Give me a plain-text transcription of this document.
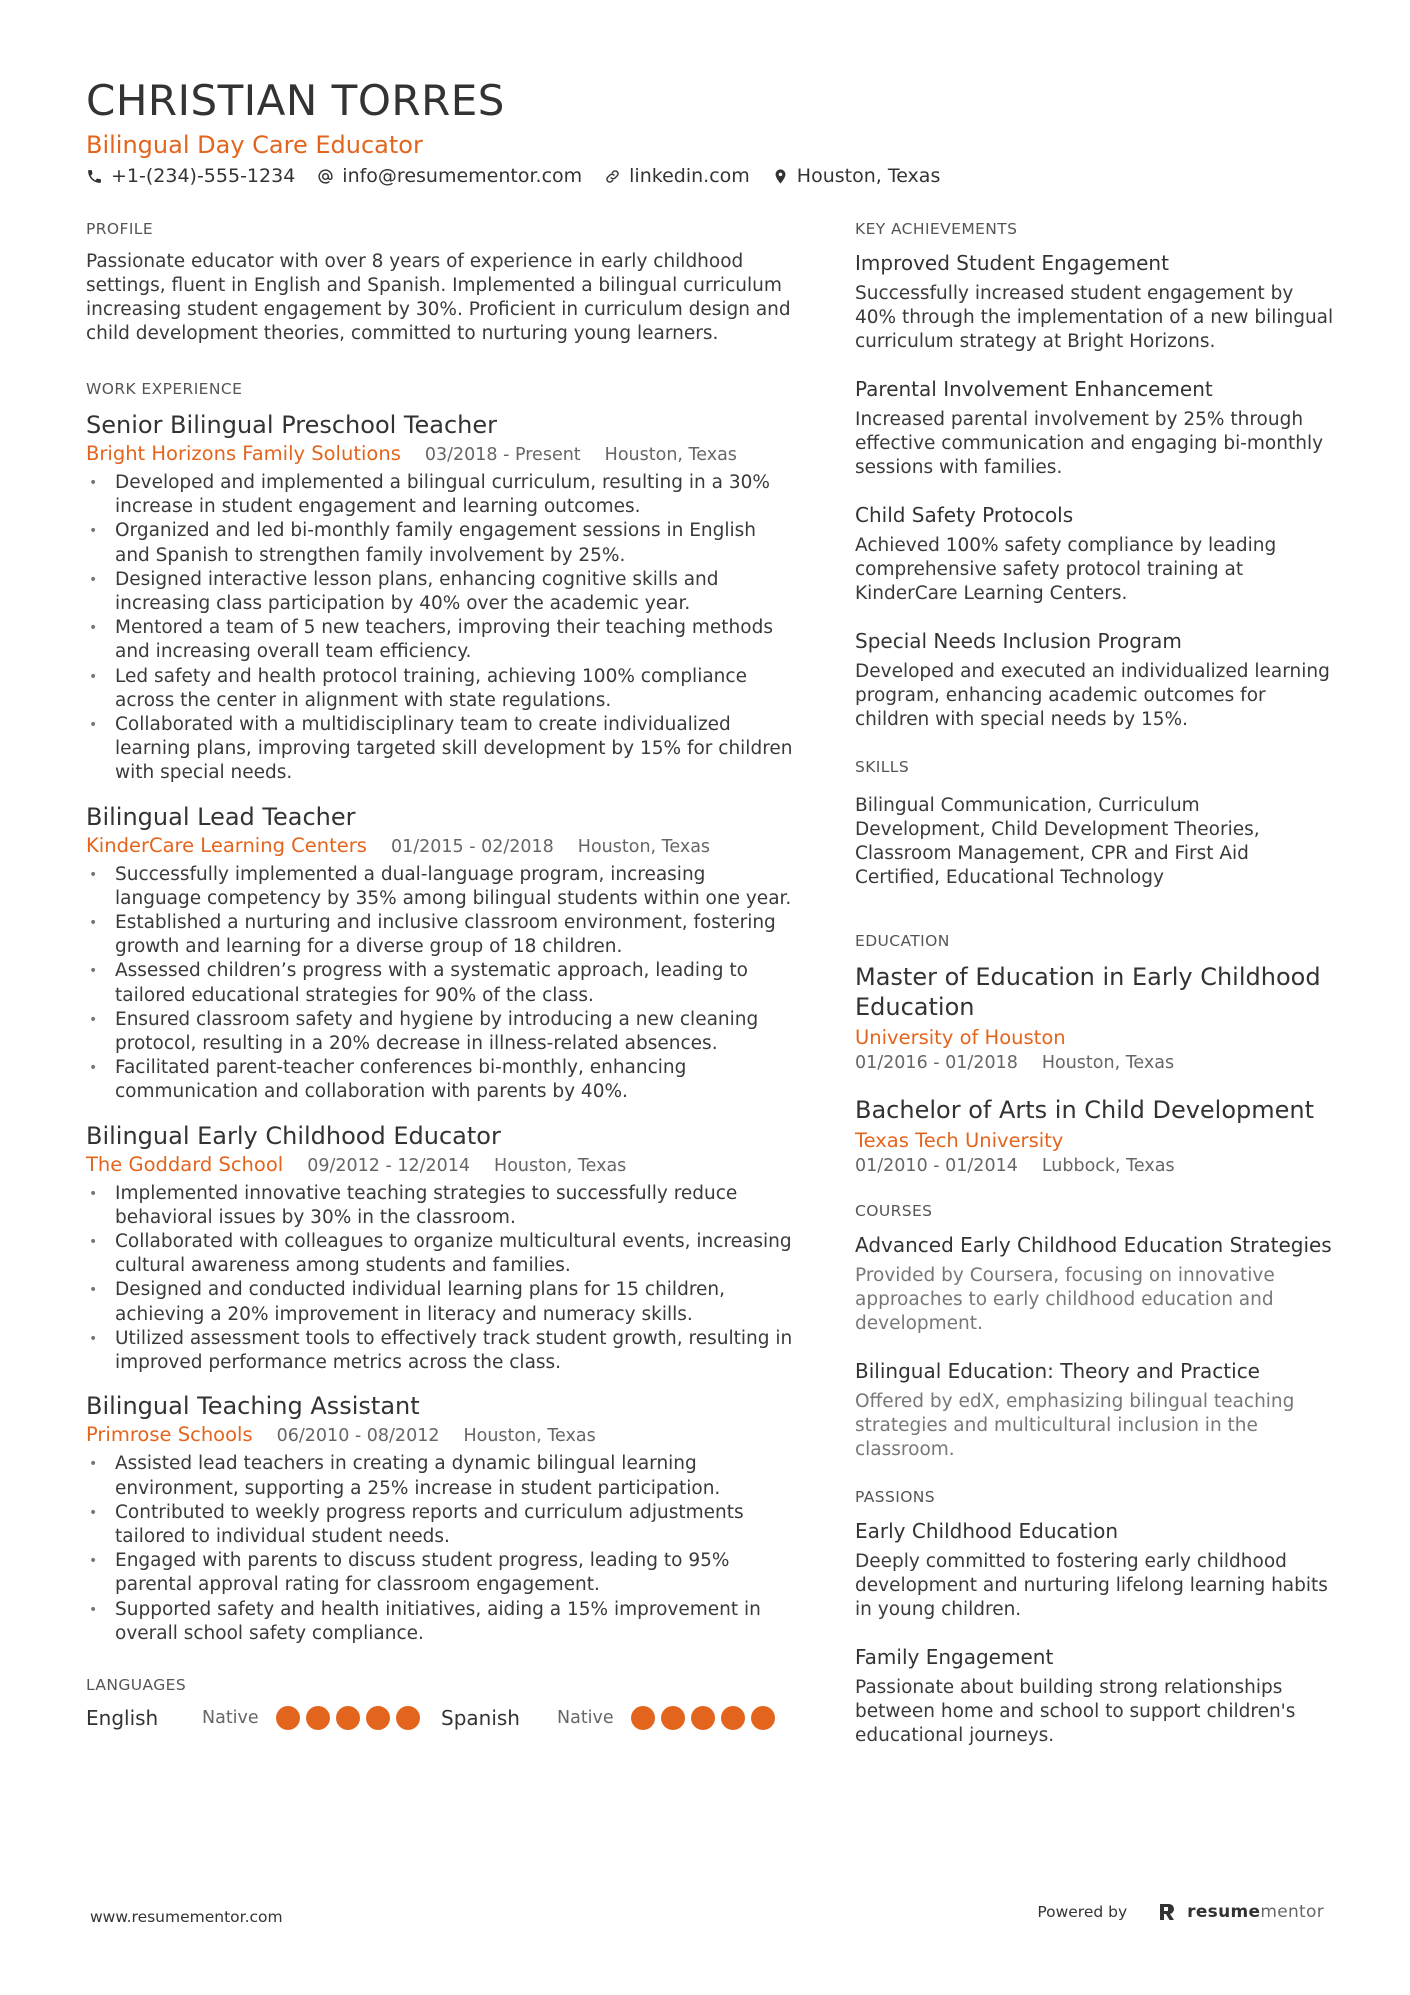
CHRISTIAN TORRES
Bilingual Day Care Educator
+1-(234)-555-1234 info@resumementor.com linkedin.com Houston, Texas
PROFILE

Passionate educator with over 8 years of experience in early childhood settings, fluent in English and Spanish. Implemented a bilingual curriculum increasing student engagement by 30%. Proficient in curriculum design and child development theories, committed to nurturing young learners.

WORK EXPERIENCE
Senior Bilingual Preschool Teacher
Bright Horizons Family Solutions 03/2018 - Present Houston, Texas
• Developed and implemented a bilingual curriculum, resulting in a 30% increase in student engagement and learning outcomes.
• Organized and led bi-monthly family engagement sessions in English and Spanish to strengthen family involvement by 25%.
• Designed interactive lesson plans, enhancing cognitive skills and increasing class participation by 40% over the academic year.
• Mentored a team of 5 new teachers, improving their teaching methods and increasing overall team efficiency.
• Led safety and health protocol training, achieving 100% compliance across the center in alignment with state regulations.
• Collaborated with a multidisciplinary team to create individualized learning plans, improving targeted skill development by 15% for children with special needs.
Bilingual Lead Teacher
KinderCare Learning Centers 01/2015 - 02/2018 Houston, Texas
• Successfully implemented a dual-language program, increasing language competency by 35% among bilingual students within one year.
• Established a nurturing and inclusive classroom environment, fostering growth and learning for a diverse group of 18 children.
• Assessed children’s progress with a systematic approach, leading to tailored educational strategies for 90% of the class.
• Ensured classroom safety and hygiene by introducing a new cleaning protocol, resulting in a 20% decrease in illness-related absences.
• Facilitated parent-teacher conferences bi-monthly, enhancing communication and collaboration with parents by 40%.
Bilingual Early Childhood Educator
The Goddard School 09/2012 - 12/2014 Houston, Texas
• Implemented innovative teaching strategies to successfully reduce behavioral issues by 30% in the classroom.
• Collaborated with colleagues to organize multicultural events, increasing cultural awareness among students and families.
• Designed and conducted individual learning plans for 15 children, achieving a 20% improvement in literacy and numeracy skills.
• Utilized assessment tools to effectively track student growth, resulting in improved performance metrics across the class.
Bilingual Teaching Assistant
Primrose Schools 06/2010 - 08/2012 Houston, Texas
• Assisted lead teachers in creating a dynamic bilingual learning environment, supporting a 25% increase in student participation.
• Contributed to weekly progress reports and curriculum adjustments tailored to individual student needs.
• Engaged with parents to discuss student progress, leading to 95% parental approval rating for classroom engagement.
• Supported safety and health initiatives, aiding a 15% improvement in overall school safety compliance.
LANGUAGES
English	Native	Spanish	Native
KEY ACHIEVEMENTS
Improved Student Engagement
Successfully increased student engagement by 40% through the implementation of a new bilingual curriculum strategy at Bright Horizons.
Parental Involvement Enhancement
Increased parental involvement by 25% through effective communication and engaging bi-monthly sessions with families.
Child Safety Protocols
Achieved 100% safety compliance by leading comprehensive safety protocol training at KinderCare Learning Centers.
Special Needs Inclusion Program
Developed and executed an individualized learning program, enhancing academic outcomes for children with special needs by 15%.
SKILLS

Bilingual Communication, Curriculum Development, Child Development Theories, Classroom Management, CPR and First Aid Certified, Educational Technology

EDUCATION
Master of Education in Early Childhood Education
University of Houston
01/2016 - 01/2018 Houston, Texas
Bachelor of Arts in Child Development
Texas Tech University
01/2010 - 01/2014 Lubbock, Texas
COURSES
Advanced Early Childhood Education Strategies
Provided by Coursera, focusing on innovative approaches to early childhood education and development.
Bilingual Education: Theory and Practice
Offered by edX, emphasizing bilingual teaching strategies and multicultural inclusion in the classroom.
PASSIONS
Early Childhood Education
Deeply committed to fostering early childhood development and nurturing lifelong learning habits in young children.
Family Engagement
Passionate about building strong relationships between home and school to support children's educational journeys.
www.resumementor.com	Powered by	resumementor
